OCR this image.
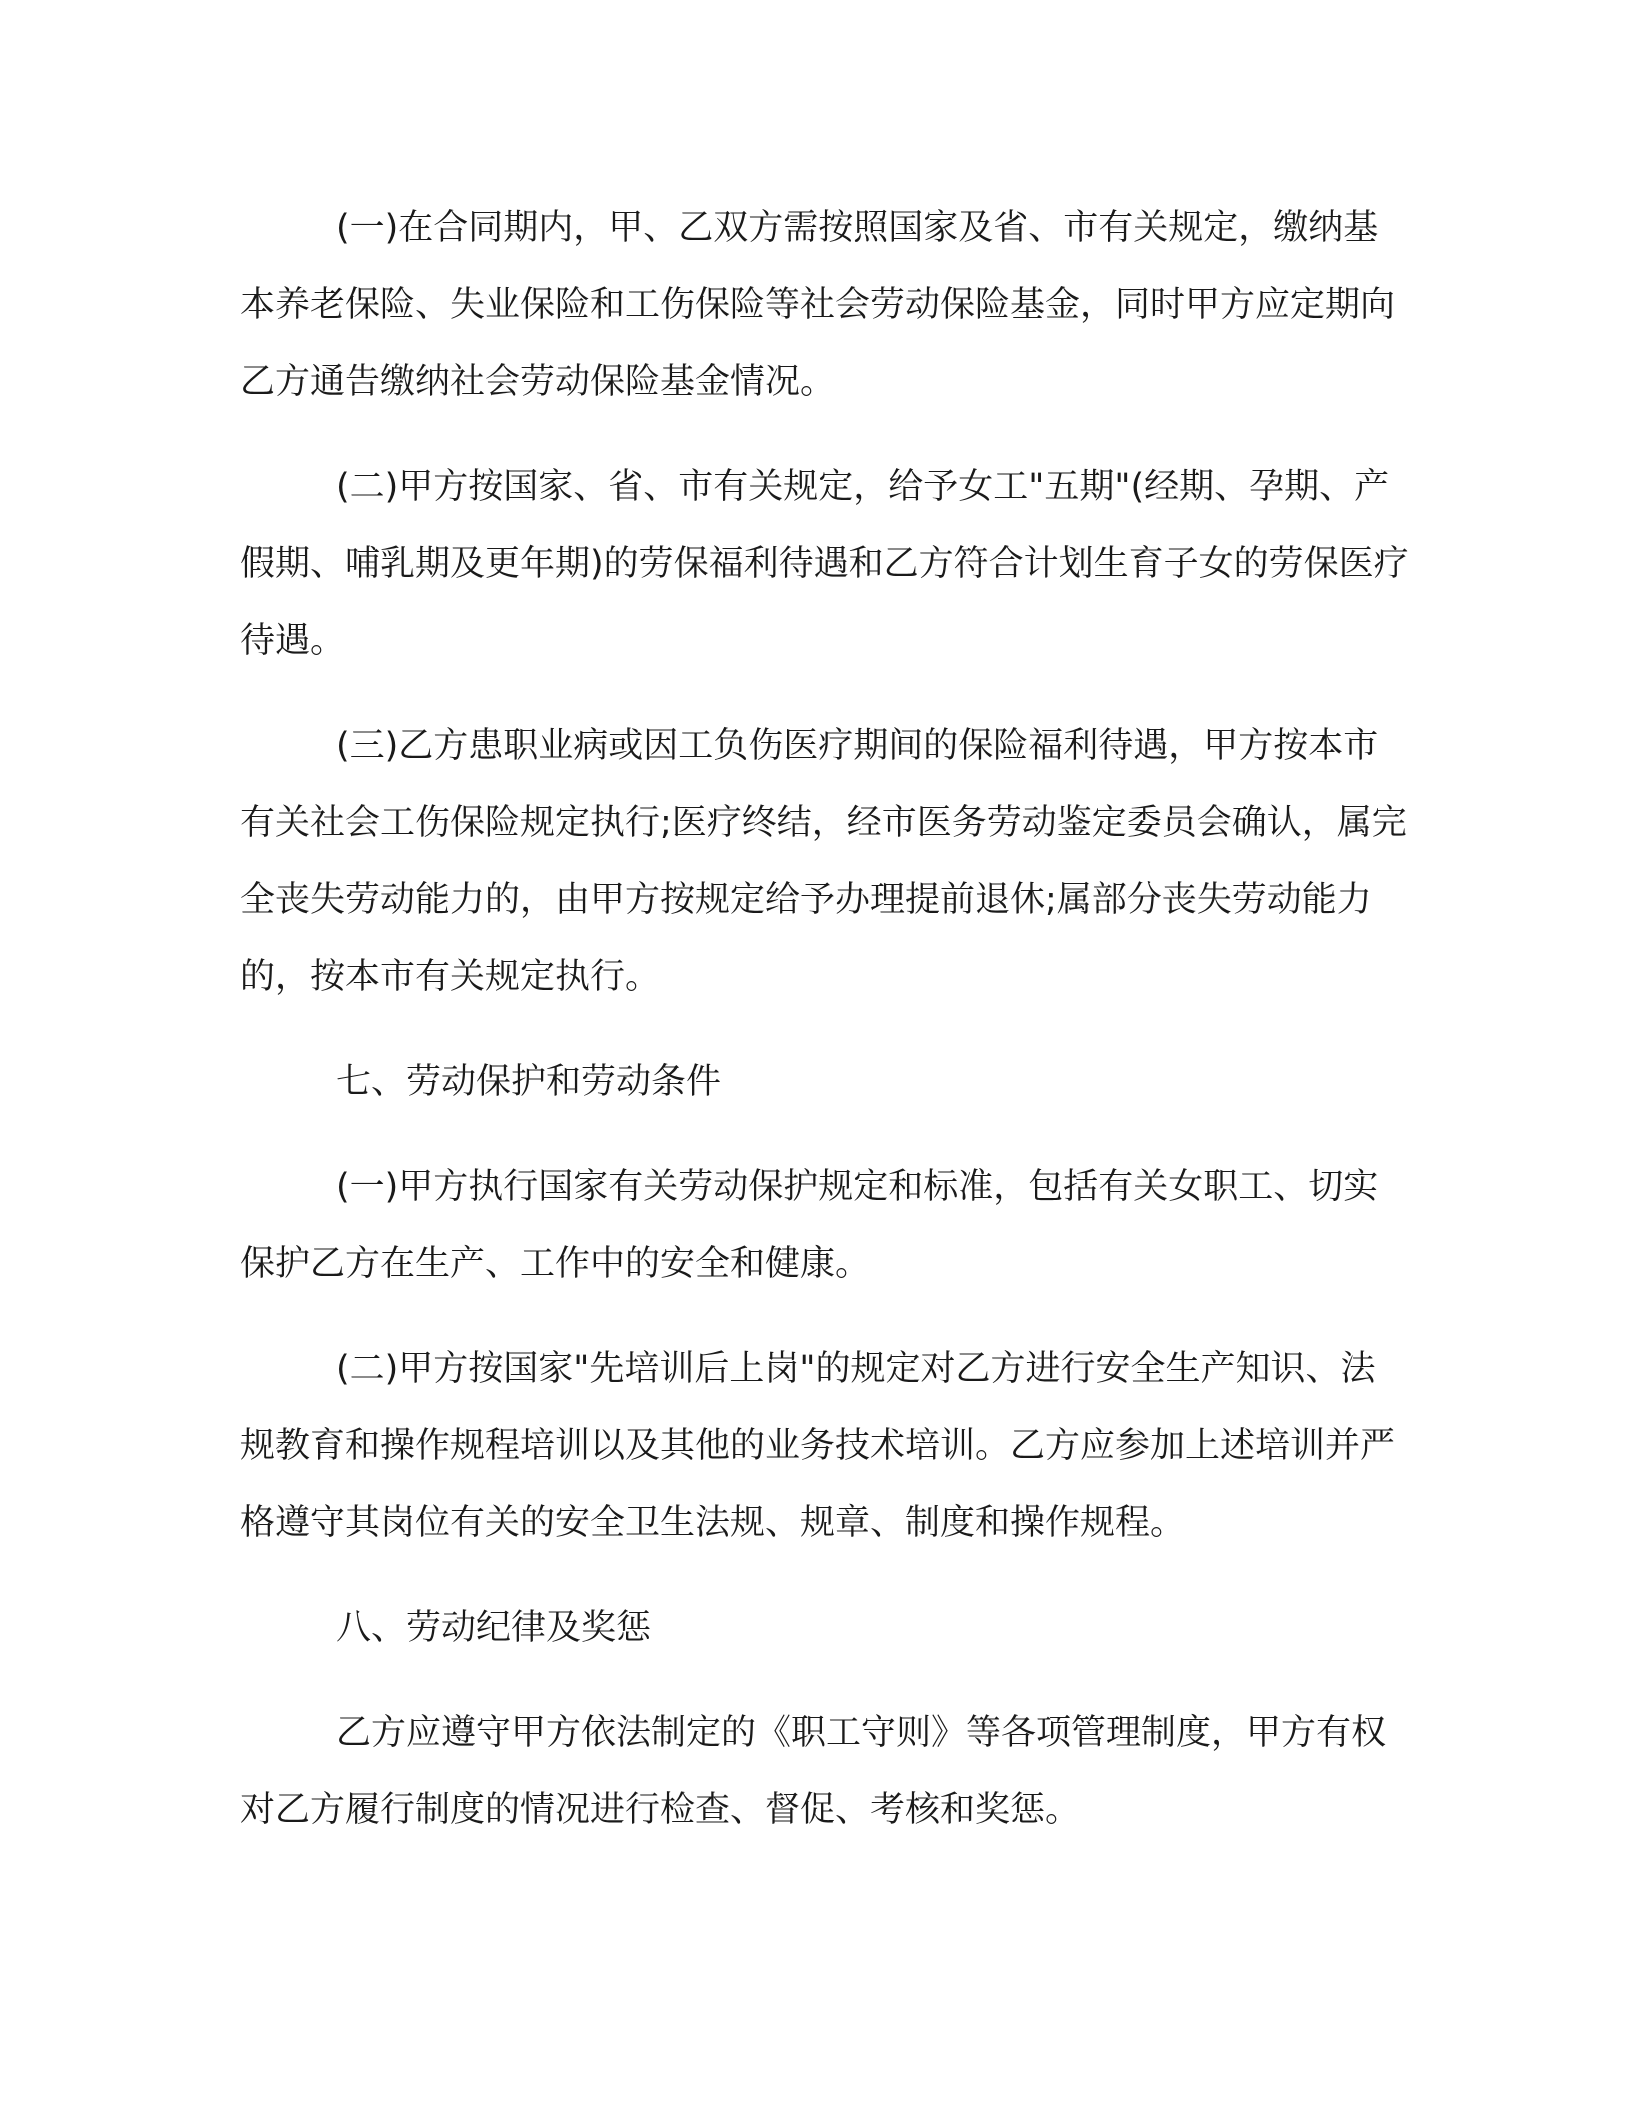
(一)在合同期内，甲、乙双方需按照国家及省、市有关规定，缴纳基本养老保险、失业保险和工伤保险等社会劳动保险基金，同时甲方应定期向乙方通告缴纳社会劳动保险基金情况。

(二)甲方按国家、省、市有关规定，给予女工"五期"(经期、孕期、产假期、哺乳期及更年期)的劳保福利待遇和乙方符合计划生育子女的劳保医疗待遇。

(三)乙方患职业病或因工负伤医疗期间的保险福利待遇，甲方按本市有关社会工伤保险规定执行;医疗终结，经市医务劳动鉴定委员会确认，属完全丧失劳动能力的，由甲方按规定给予办理提前退休;属部分丧失劳动能力的，按本市有关规定执行。

七、劳动保护和劳动条件

(一)甲方执行国家有关劳动保护规定和标准，包括有关女职工、切实保护乙方在生产、工作中的安全和健康。

(二)甲方按国家"先培训后上岗"的规定对乙方进行安全生产知识、法规教育和操作规程培训以及其他的业务技术培训。乙方应参加上述培训并严格遵守其岗位有关的安全卫生法规、规章、制度和操作规程。

八、劳动纪律及奖惩

乙方应遵守甲方依法制定的《职工守则》等各项管理制度，甲方有权对乙方履行制度的情况进行检查、督促、考核和奖惩。
